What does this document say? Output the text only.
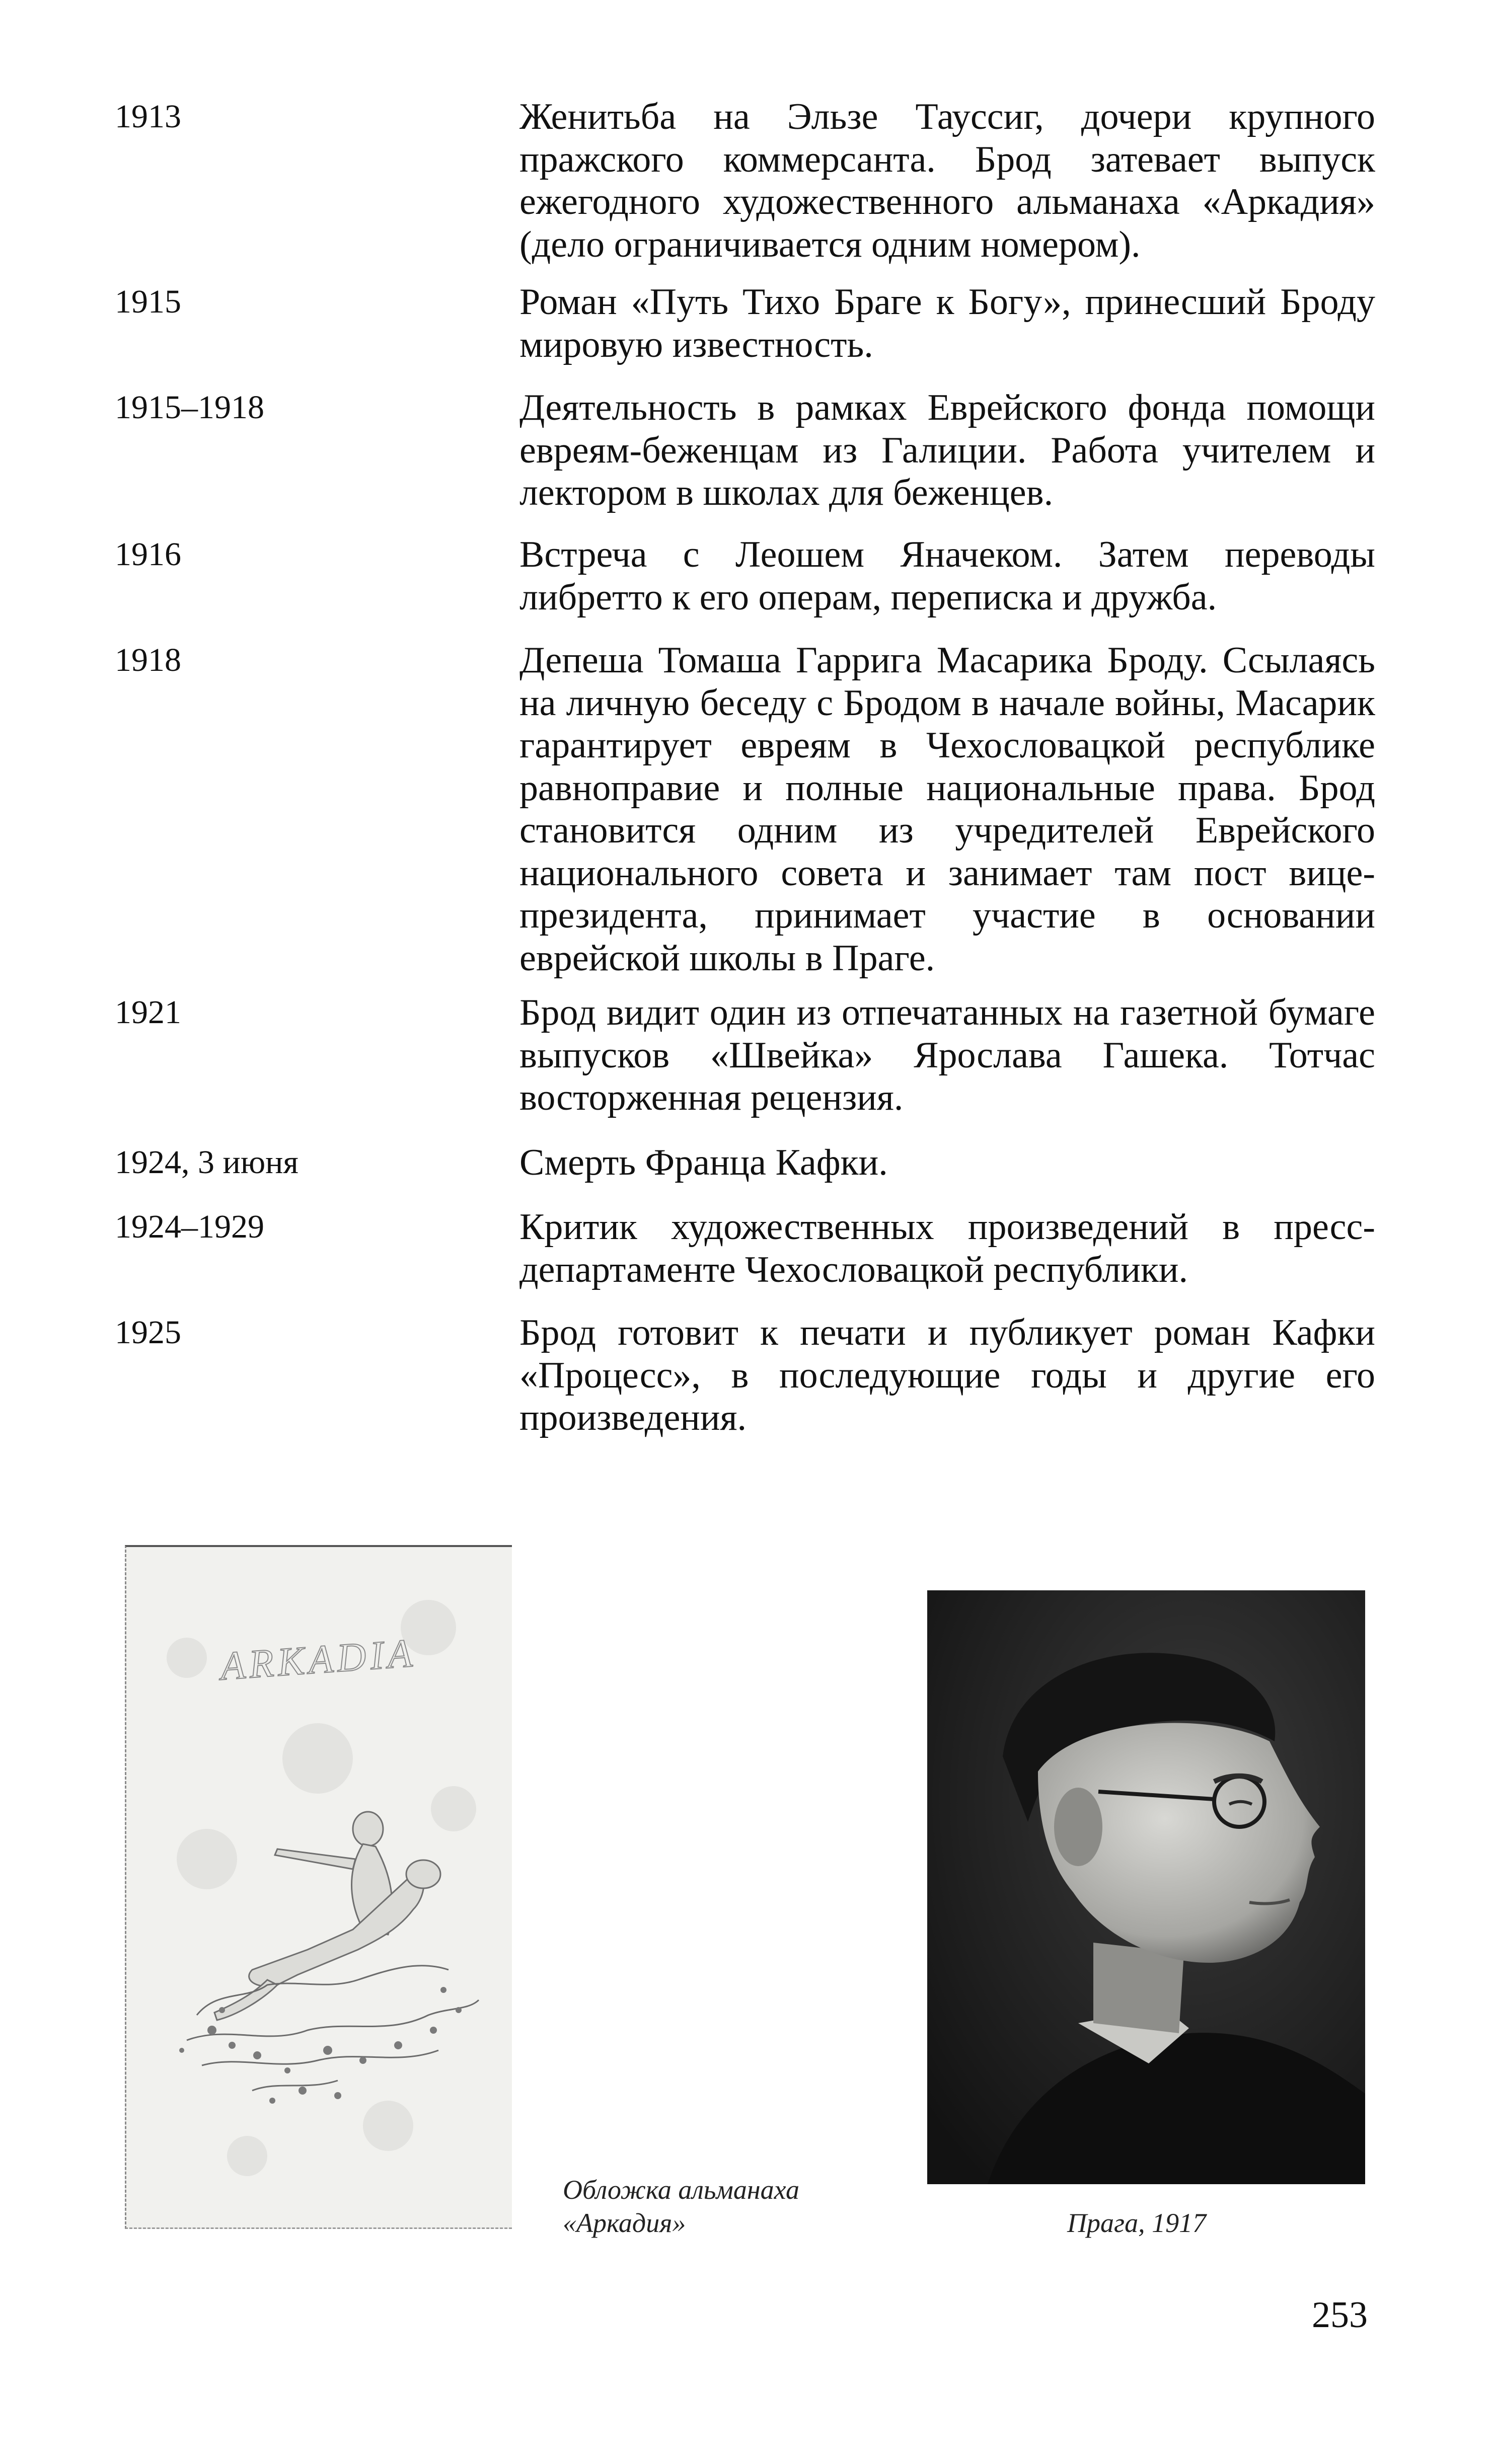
1913	Женитьба на Эльзе Тауссиг, дочери крупного пражского коммерсанта. Брод затевает выпуск ежегодного художественного альманаха «Аркадия» (дело ограничивается одним номером).
1915	Роман «Путь Тихо Браге к Богу», принесший Броду мировую известность.
1915–1918	Деятельность в рамках Еврейского фонда помощи евреям-беженцам из Галиции. Работа учителем и лектором в школах для беженцев.
1916	Встреча с Леошем Яначеком. Затем переводы либретто к его операм, переписка и дружба.
1918	Депеша Томаша Гаррига Масарика Броду. Ссылаясь на личную беседу с Бродом в начале войны, Масарик гарантирует евреям в Чехословацкой республике равноправие и полные национальные права. Брод становится одним из учредителей Еврейского национального совета и занимает там пост вице-президента, принимает участие в основании еврейской школы в Праге.
1921	Брод видит один из отпечатанных на газетной бумаге выпусков «Швейка» Ярослава Гашека. Тотчас восторженная рецензия.
1924, 3 июня	Смерть Франца Кафки.
1924–1929	Критик художественных произведений в прессдепартаменте Чехословацкой республики.
1925	Брод готовит к печати и публикует роман Кафки «Процесс», в последующие годы и другие его произведения.
ARKADIA
Обложка альманаха
«Аркадия»	Прага, 1917
253
